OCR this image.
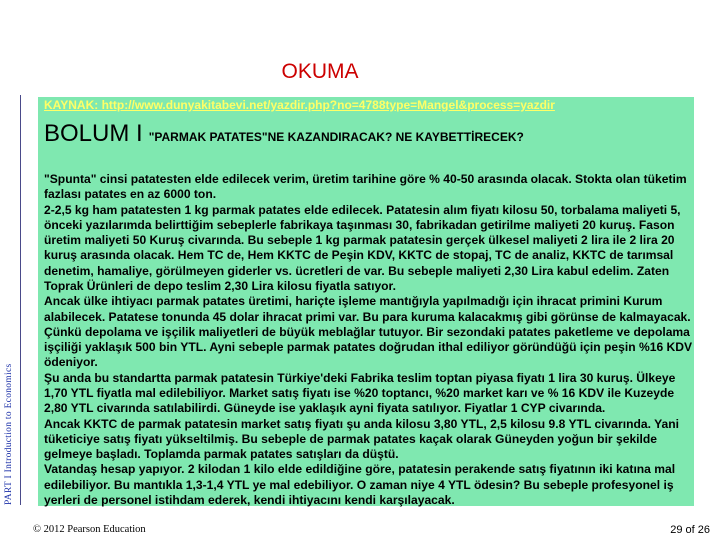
OKUMA
PART I Introduction to Economics
KAYNAK: http://www.dunyakitabevi.net/yazdir.php?no=4788type=Mangel&process=yazdir
BOLUM I "PARMAK PATATES"NE KAZANDIRACAK? NE KAYBETTİRECEK?
"Spunta" cinsi patatesten elde edilecek verim, üretim tarihine göre % 40-50 arasında olacak. Stokta olan tüketim
fazlası patates en az 6000 ton.
2-2,5 kg ham patatesten 1 kg parmak patates elde edilecek. Patatesin alım fiyatı kilosu 50, torbalama maliyeti 5,
önceki yazılarımda belirttiğim sebeplerle fabrikaya taşınması 30, fabrikadan getirilme maliyeti 20 kuruş. Fason
üretim maliyeti 50 Kuruş civarında. Bu sebeple 1 kg parmak patatesin gerçek ülkesel maliyeti 2 lira ile 2 lira 20
kuruş arasında olacak. Hem TC de, Hem KKTC de Peşin KDV, KKTC de stopaj, TC de analiz, KKTC de tarımsal
denetim, hamaliye, görülmeyen giderler vs. ücretleri de var. Bu sebeple maliyeti 2,30 Lira kabul edelim. Zaten
Toprak Ürünleri de depo teslim 2,30 Lira kilosu fiyatla satıyor.
Ancak ülke ihtiyacı parmak patates üretimi, hariçte işleme mantığıyla yapılmadığı için ihracat primini Kurum
alabilecek. Patatese tonunda 45 dolar ihracat primi var. Bu para kuruma kalacakmış gibi görünse de kalmayacak.
Çünkü depolama ve işçilik maliyetleri de büyük meblağlar tutuyor. Bir sezondaki patates paketleme ve depolama
işçiliği yaklaşık 500 bin YTL. Ayni sebeple parmak patates doğrudan ithal ediliyor göründüğü için peşin %16 KDV
ödeniyor.
Şu anda bu standartta parmak patatesin Türkiye'deki Fabrika teslim toptan piyasa fiyatı 1 lira 30 kuruş. Ülkeye
1,70 YTL fiyatla mal edilebiliyor. Market satış fiyatı ise %20 toptancı, %20 market karı ve % 16 KDV ile Kuzeyde
2,80 YTL civarında satılabilirdi. Güneyde ise yaklaşık ayni fiyata satılıyor. Fiyatlar 1 CYP civarında.
Ancak KKTC de parmak patatesin market satış fiyatı şu anda kilosu 3,80 YTL, 2,5 kilosu 9.8 YTL civarında. Yani
tüketiciye satış fiyatı yükseltilmiş. Bu sebeple de parmak patates kaçak olarak Güneyden yoğun bir şekilde
gelmeye başladı. Toplamda parmak patates satışları da düştü.
Vatandaş hesap yapıyor. 2 kilodan 1 kilo elde edildiğine göre, patatesin perakende satış fiyatının iki katına mal
edilebiliyor. Bu mantıkla 1,3-1,4 YTL ye mal edebiliyor. O zaman niye 4 YTL ödesin? Bu sebeple profesyonel iş
yerleri de personel istihdam ederek, kendi ihtiyacını kendi karşılayacak.
© 2012 Pearson Education	29 of 26
